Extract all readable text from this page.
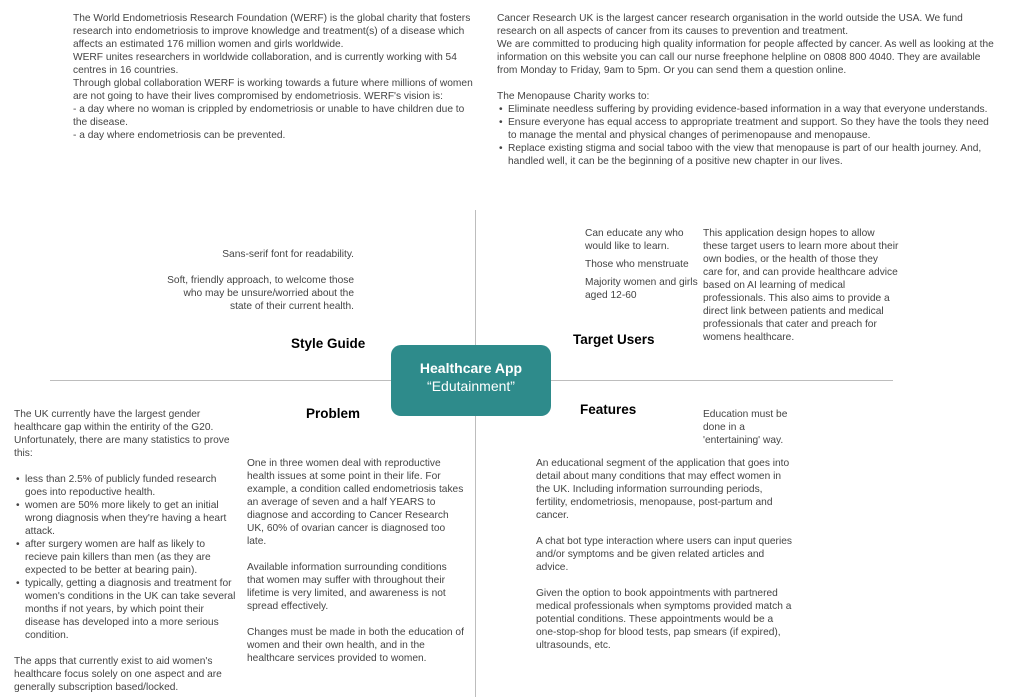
The World Endometriosis Research Foundation (WERF) is the global charity that fosters research into endometriosis to improve knowledge and treatment(s) of a disease which affects an estimated 176 million women and girls worldwide.

WERF unites researchers in worldwide collaboration, and is currently working with 54 centres in 16 countries.

Through global collaboration WERF is working towards a future where millions of women are not going to have their lives compromised by endometriosis. WERF's vision is:

- a day where no woman is crippled by endometriosis or unable to have children due to the disease.

- a day where endometriosis can be prevented.

Cancer Research UK is the largest cancer research organisation in the world outside the USA. We fund research on all aspects of cancer from its causes to prevention and treatment.

We are committed to producing high quality information for people affected by cancer. As well as looking at the information on this website you can call our nurse freephone helpline on 0808 800 4040. They are available from Monday to Friday, 9am to 5pm. Or you can send them a question online.

The Menopause Charity works to:

• Eliminate needless suffering by providing evidence-based information in a way that everyone understands.
• Ensure everyone has equal access to appropriate treatment and support. So they have the tools they need to manage the mental and physical changes of perimenopause and menopause.
• Replace existing stigma and social taboo with the view that menopause is part of our health journey. And, handled well, it can be the beginning of a positive new chapter in our lives.

Sans-serif font for readability.

Soft, friendly approach, to welcome those who may be unsure/worried about the state of their current health.

Style Guide

Can educate any who would like to learn.

Those who menstruate

Majority women and girls aged 12-60

This application design hopes to allow these target users to learn more about their own bodies, or the health of those they care for, and can provide healthcare advice based on AI learning of medical professionals. This also aims to provide a direct link between patients and medical professionals that cater and preach for womens healthcare.

Target Users
Healthcare App
“Edutainment”
Problem

The UK currently have the largest gender healthcare gap within the entirity of the G20. Unfortunately, there are many statistics to prove this:

• less than 2.5% of publicly funded research goes into repoductive health.
• women are 50% more likely to get an initial wrong diagnosis when they're having a heart attack.
• after surgery women are half as likely to recieve pain killers than men (as they are expected to be better at bearing pain).
• typically, getting a diagnosis and treatment for women's conditions in the UK can take several months if not years, by which point their disease has developed into a more serious condition.

The apps that currently exist to aid women's healthcare focus solely on one aspect and are generally subscription based/locked.

One in three women deal with reproductive health issues at some point in their life. For example, a condition called endometriosis takes an average of seven and a half YEARS to diagnose and according to Cancer Research UK, 60% of ovarian cancer is diagnosed too late.

Available information surrounding conditions that women may suffer with throughout their lifetime is very limited, and awareness is not spread effectively.

Changes must be made in both the education of women and their own health, and in the healthcare services provided to women.

Features	Education must be done in a 'entertaining' way.

An educational segment of the application that goes into detail about many conditions that may effect women in the UK. Including information surrounding periods, fertility, endometriosis, menopause, post-partum and cancer.

A chat bot type interaction where users can input queries and/or symptoms and be given related articles and advice.

Given the option to book appointments with partnered medical professionals when symptoms provided match a potential conditions. These appointments would be a one-stop-shop for blood tests, pap smears (if expired), ultrasounds, etc.
